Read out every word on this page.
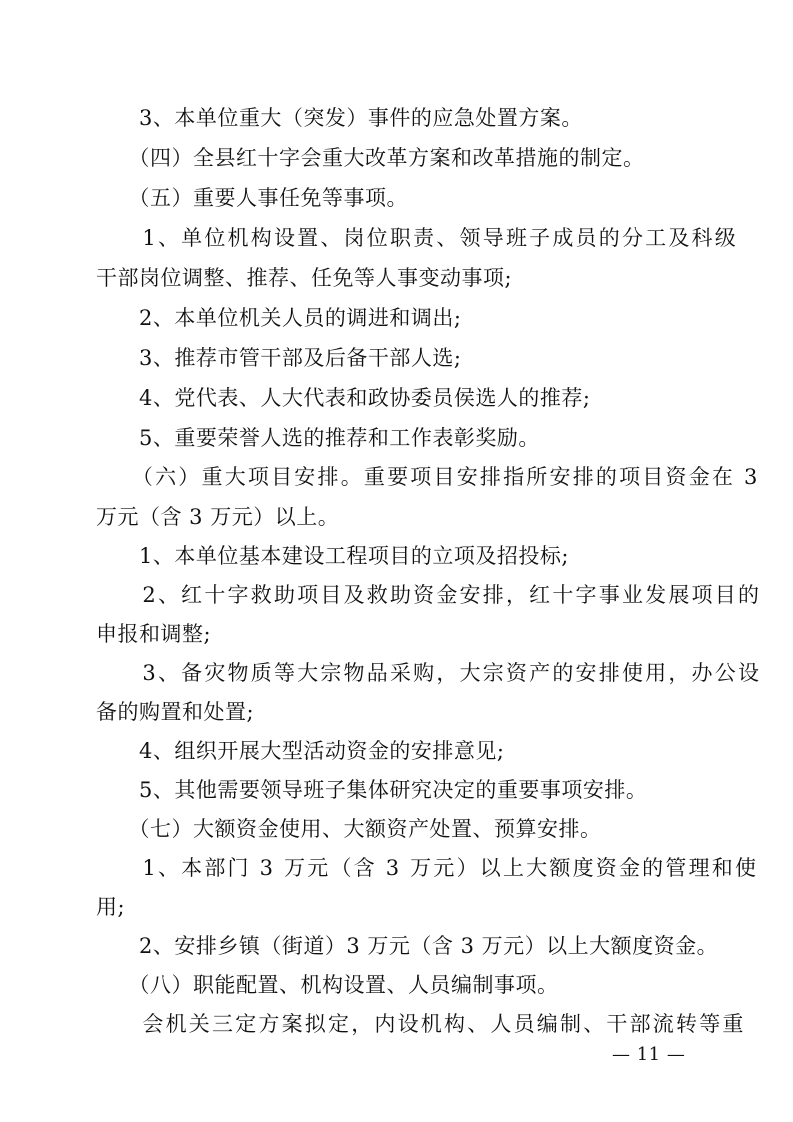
　　3、本单位重大（突发）事件的应急处置方案。
　　（四）全县红十字会重大改革方案和改革措施的制定。
　　（五）重要人事任免等事项。
　　1、单位机构设置、岗位职责、领导班子成员的分工及科级
干部岗位调整、推荐、任免等人事变动事项;
　　2、本单位机关人员的调进和调出;
　　3、推荐市管干部及后备干部人选;
　　4、党代表、人大代表和政协委员侯选人的推荐;
　　5、重要荣誉人选的推荐和工作表彰奖励。
　　（六）重大项目安排。重要项目安排指所安排的项目资金在 3
万元（含 3 万元）以上。
　　1、本单位基本建设工程项目的立项及招投标;
　　2、红十字救助项目及救助资金安排，红十字事业发展项目的
申报和调整;
　　3、备灾物质等大宗物品采购，大宗资产的安排使用，办公设
备的购置和处置;
　　4、组织开展大型活动资金的安排意见;
　　5、其他需要领导班子集体研究决定的重要事项安排。
　　（七）大额资金使用、大额资产处置、预算安排。
　　1、本部门 3 万元（含 3 万元）以上大额度资金的管理和使
用;
　　2、安排乡镇（街道）3 万元（含 3 万元）以上大额度资金。
　　（八）职能配置、机构设置、人员编制事项。
　　会机关三定方案拟定，内设机构、人员编制、干部流转等重
— 11 —
